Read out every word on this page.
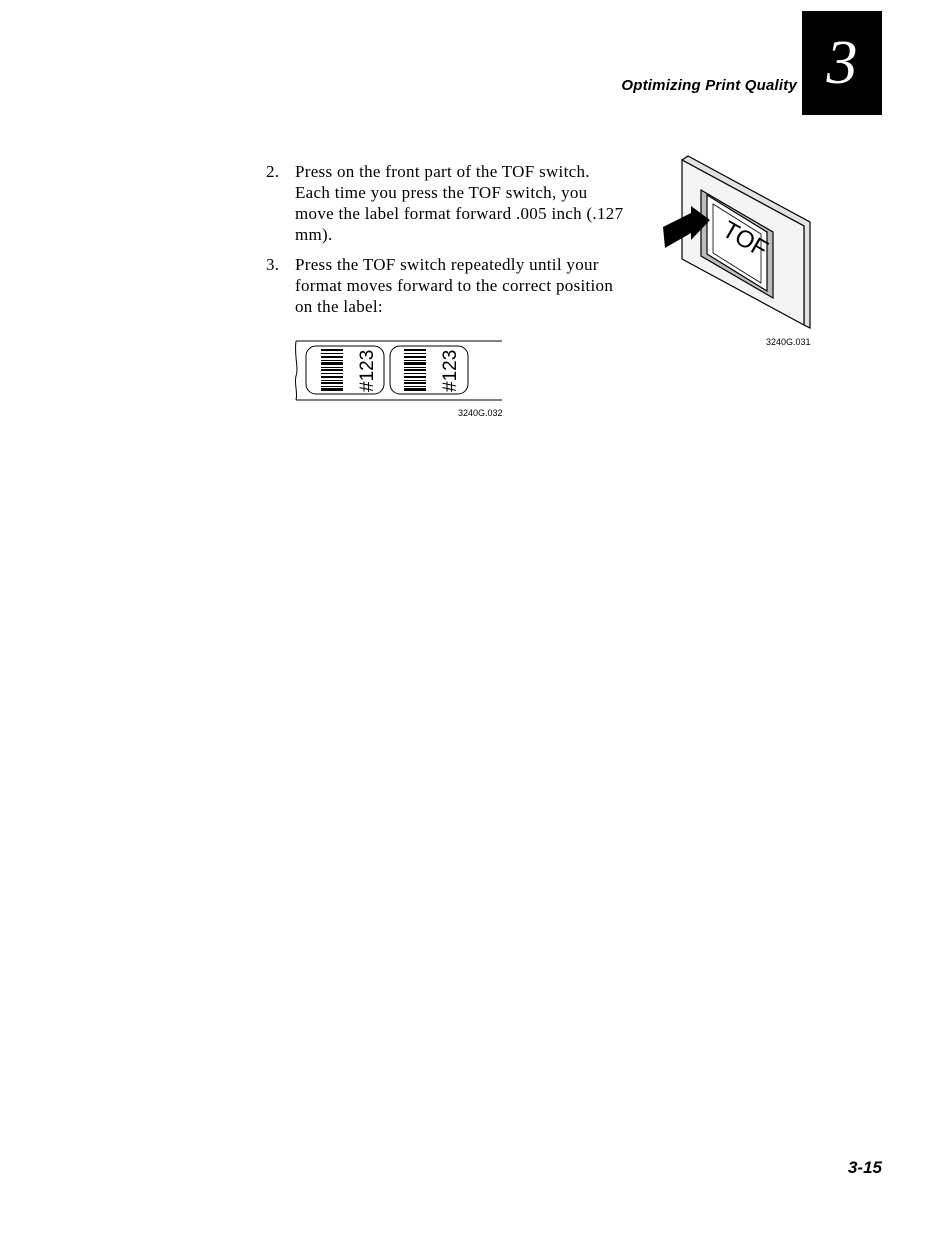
Optimizing Print Quality 3
2. Press on the front part of the TOF switch. Each time you press the TOF switch, you move the label format forward .005 inch (.127 mm).
3. Press the TOF switch repeatedly until your format moves forward to the correct position on the label:
TOF
3240G.031
#123	#123
3240G.032
3-15
